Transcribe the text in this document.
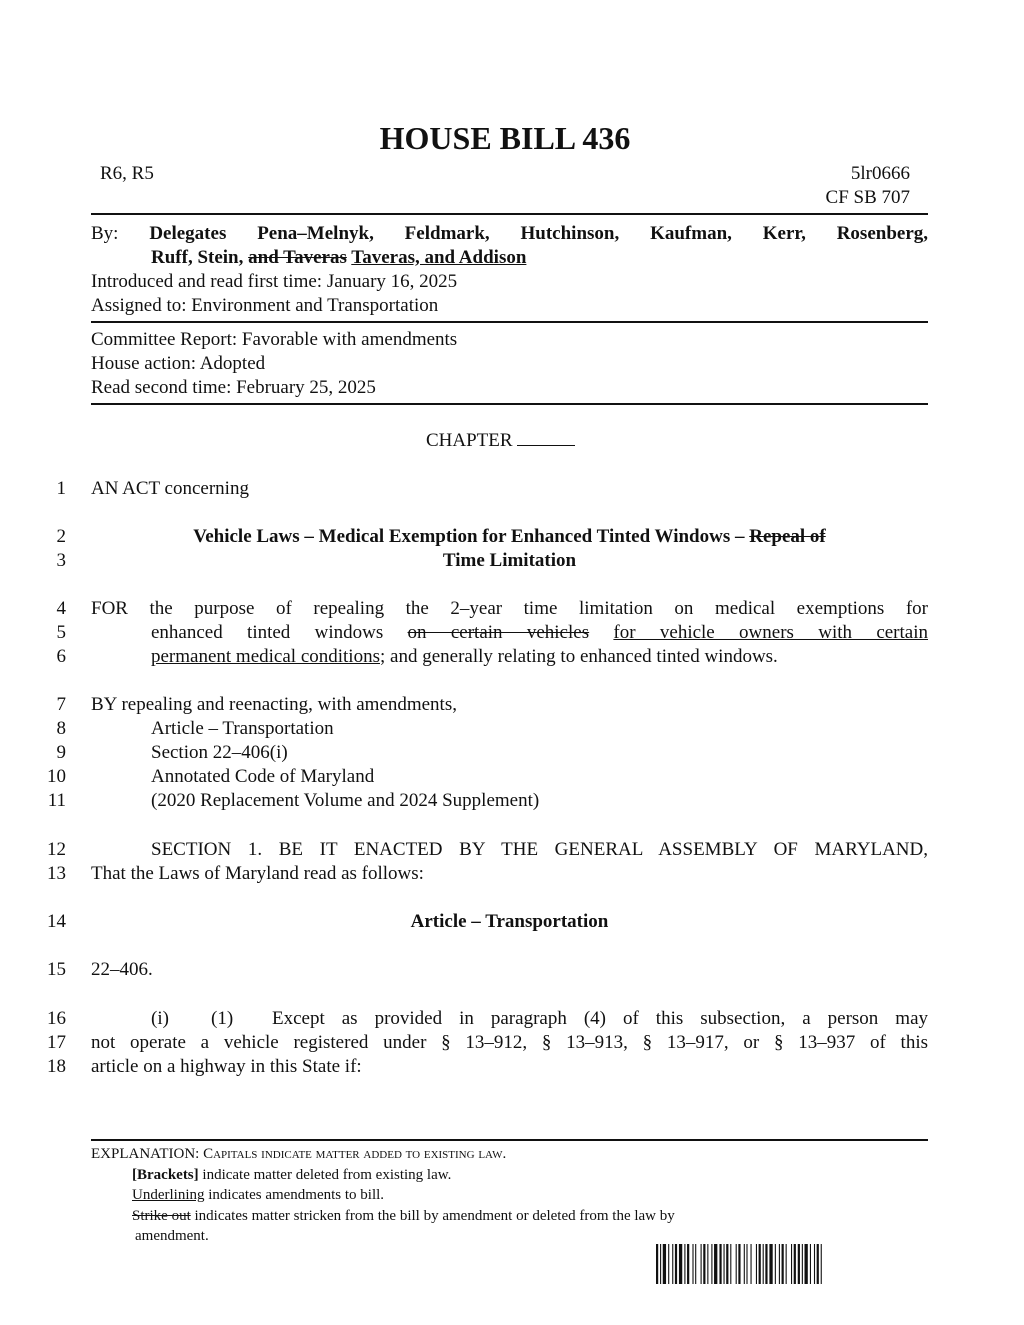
HOUSE BILL 436
R6, R5	5lr0666
CF SB 707
By: Delegates Pena–Melnyk, Feldmark, Hutchinson, Kaufman, Kerr, Rosenberg,
Ruff, Stein, and Taveras Taveras, and Addison
Introduced and read first time: January 16, 2025
Assigned to: Environment and Transportation
Committee Report: Favorable with amendments
House action: Adopted
Read second time: February 25, 2025
CHAPTER
1
2
3
4
5
6
7
8
9
10
11
12
13
14
15
16
17
18
AN ACT concerning
Vehicle Laws – Medical Exemption for Enhanced Tinted Windows – Repeal of
Time Limitation
FOR the purpose of repealing the 2–year time limitation on medical exemptions for
enhanced tinted windows on certain vehicles for vehicle owners with certain
permanent medical conditions; and generally relating to enhanced tinted windows.
BY repealing and reenacting, with amendments,
Article – Transportation
Section 22–406(i)
Annotated Code of Maryland
(2020 Replacement Volume and 2024 Supplement)
SECTION 1. BE IT ENACTED BY THE GENERAL ASSEMBLY OF MARYLAND,
That the Laws of Maryland read as follows:
Article – Transportation
22–406.
(i) (1) Except as provided in paragraph (4) of this subsection, a person may
not operate a vehicle registered under § 13–912, § 13–913, § 13–917, or § 13–937 of this
article on a highway in this State if:
EXPLANATION: Capitals indicate matter added to existing law.
[Brackets] indicate matter deleted from existing law.
Underlining indicates amendments to bill.
Strike out indicates matter stricken from the bill by amendment or deleted from the law by
amendment.
